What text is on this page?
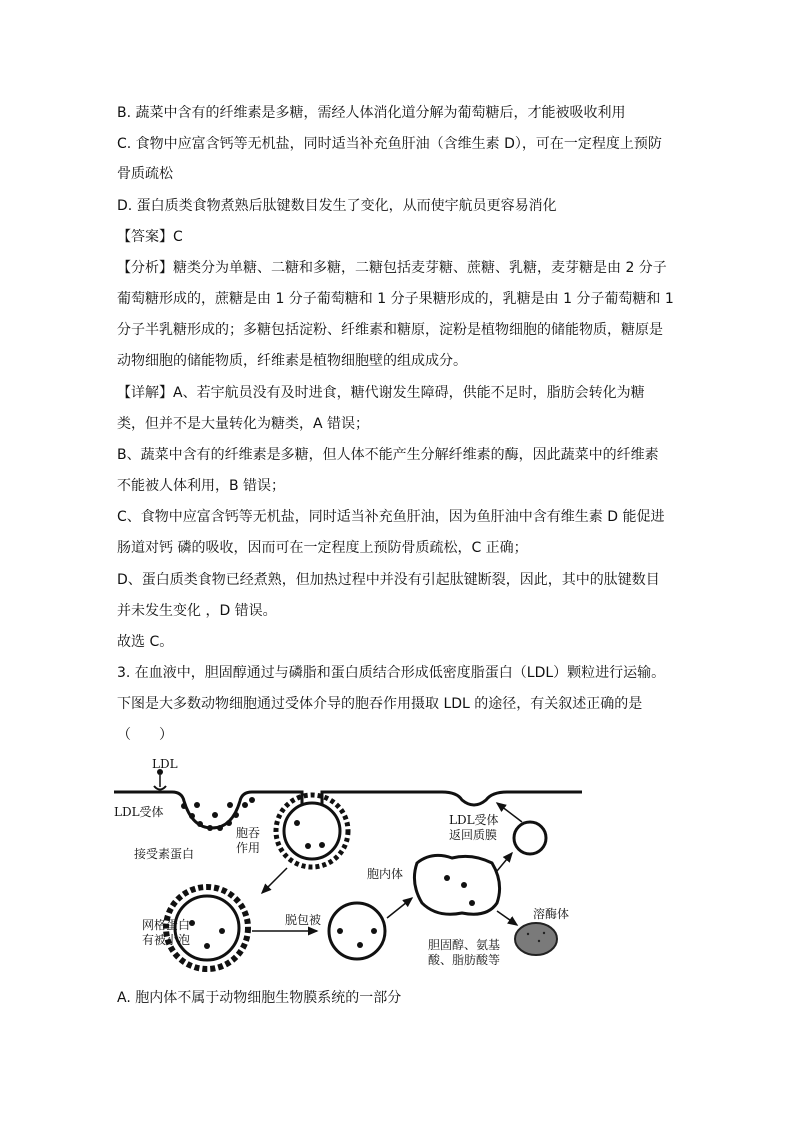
B. 蔬菜中含有的纤维素是多糖，需经人体消化道分解为葡萄糖后，才能被吸收利用
C. 食物中应富含钙等无机盐，同时适当补充鱼肝油（含维生素 D），可在一定程度上预防
骨质疏松
D. 蛋白质类食物煮熟后肽键数目发生了变化，从而使宇航员更容易消化
【答案】C
【分析】糖类分为单糖、二糖和多糖，二糖包括麦芽糖、蔗糖、乳糖，麦芽糖是由 2 分子
葡萄糖形成的，蔗糖是由 1 分子葡萄糖和 1 分子果糖形成的，乳糖是由 1 分子葡萄糖和 1
分子半乳糖形成的；多糖包括淀粉、纤维素和糖原，淀粉是植物细胞的储能物质，糖原是
动物细胞的储能物质，纤维素是植物细胞壁的组成成分。
【详解】A、若宇航员没有及时进食，糖代谢发生障碍，供能不足时，脂肪会转化为糖
类，但并不是大量转化为糖类，A 错误；
B、蔬菜中含有的纤维素是多糖，但人体不能产生分解纤维素的酶，因此蔬菜中的纤维素
不能被人体利用，B 错误；
C、食物中应富含钙等无机盐，同时适当补充鱼肝油，因为鱼肝油中含有维生素 D 能促进
肠道对钙 磷的吸收，因而可在一定程度上预防骨质疏松，C 正确；
D、蛋白质类食物已经煮熟，但加热过程中并没有引起肽键断裂，因此，其中的肽键数目
并未发生变化 ，D 错误。
故选 C。
3. 在血液中，胆固醇通过与磷脂和蛋白质结合形成低密度脂蛋白（LDL）颗粒进行运输。
下图是大多数动物细胞通过受体介导的胞吞作用摄取 LDL 的途径，有关叙述正确的是
（　　）
LDL
LDL受体
接受素蛋白
胞吞
作用
LDL受体
返回质膜
胞内体
溶酶体
网格蛋白
有被小泡
脱包被
胆固醇、氨基
酸、脂肪酸等
A. 胞内体不属于动物细胞生物膜系统的一部分
